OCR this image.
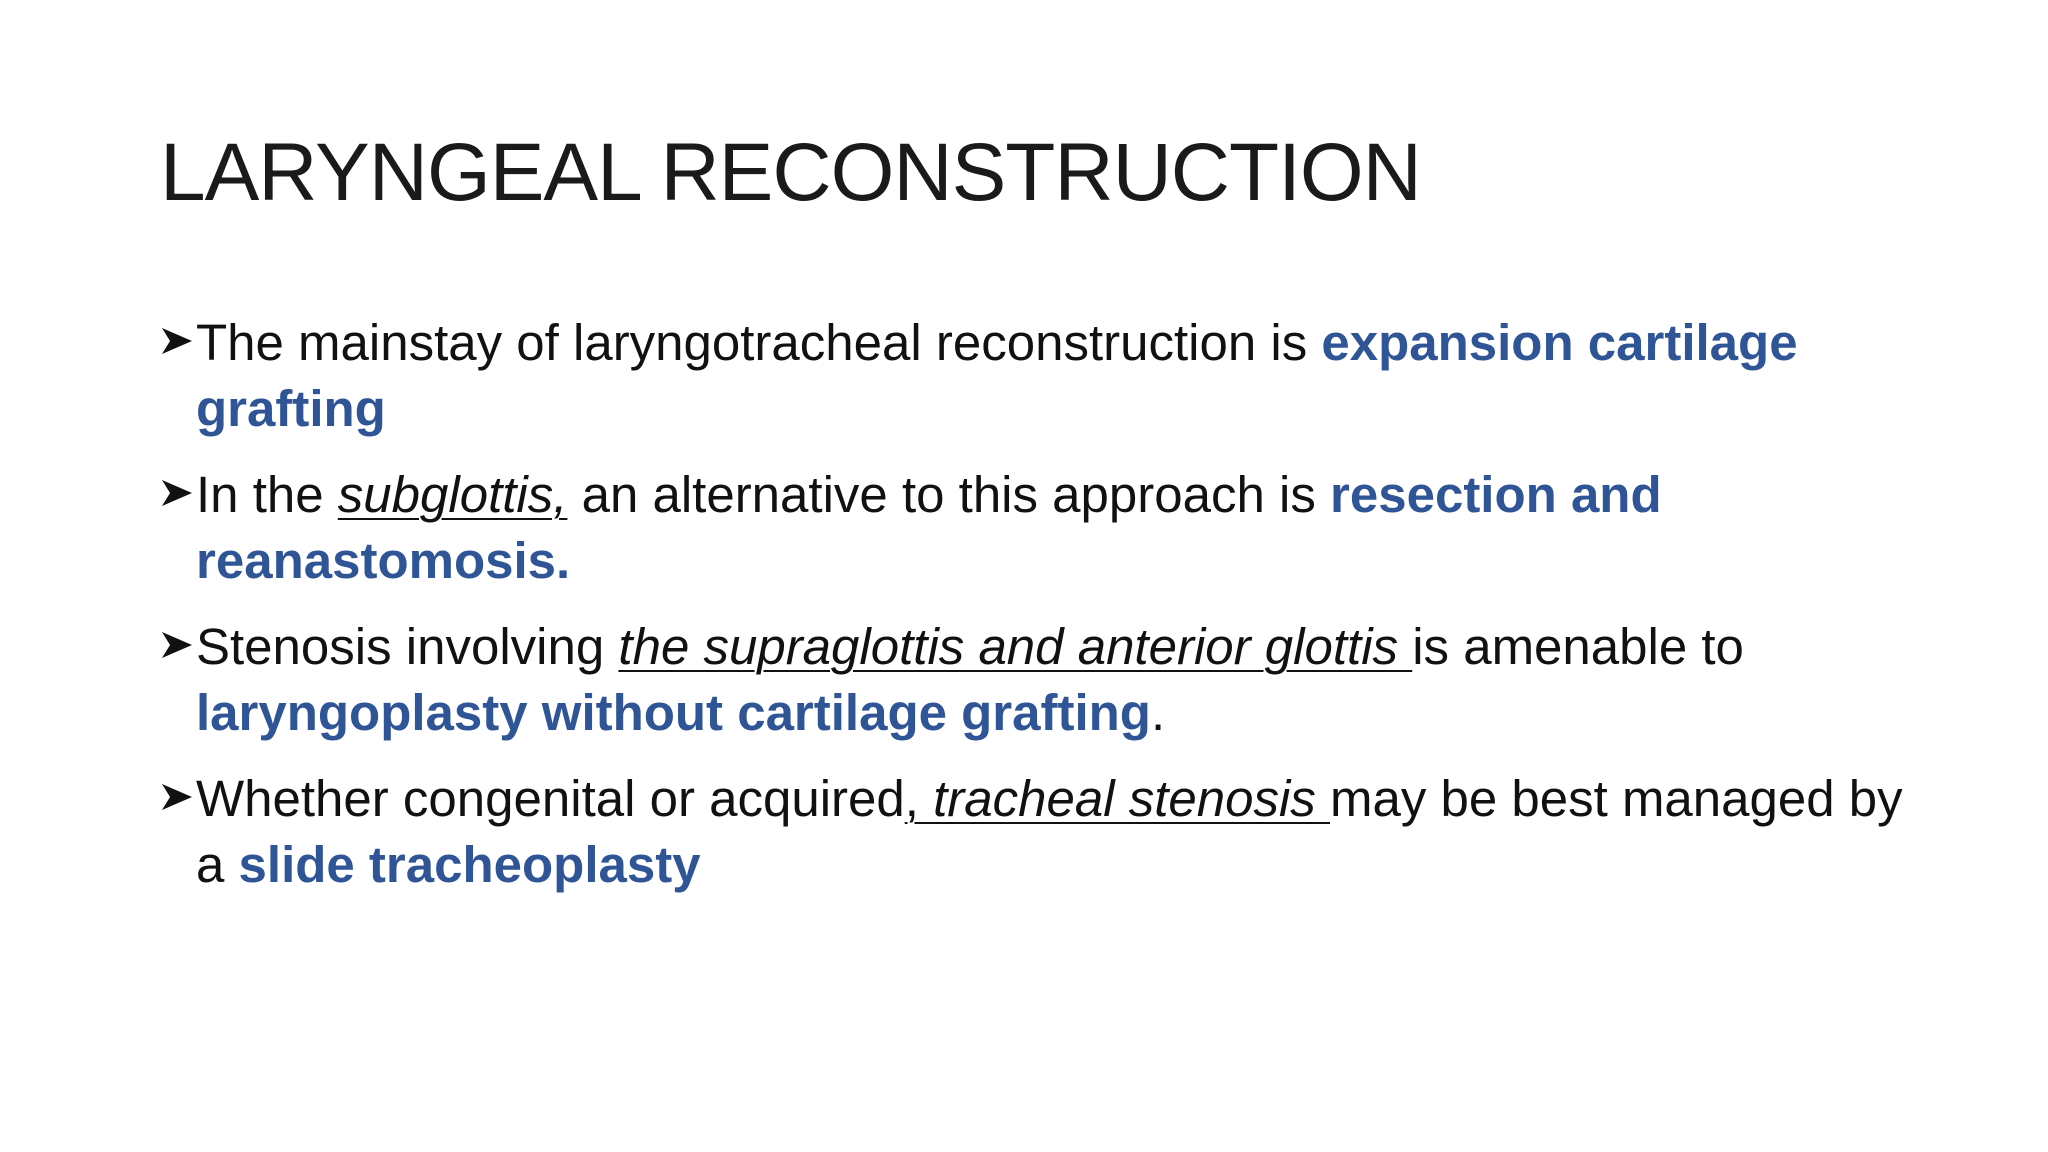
LARYNGEAL RECONSTRUCTION
The mainstay of laryngotracheal reconstruction is expansion cartilage grafting
In the subglottis, an alternative to this approach is resection and reanastomosis.
Stenosis involving the supraglottis and anterior glottis is amenable to laryngoplasty without cartilage grafting.
Whether congenital or acquired, tracheal stenosis may be best managed by a slide tracheoplasty
